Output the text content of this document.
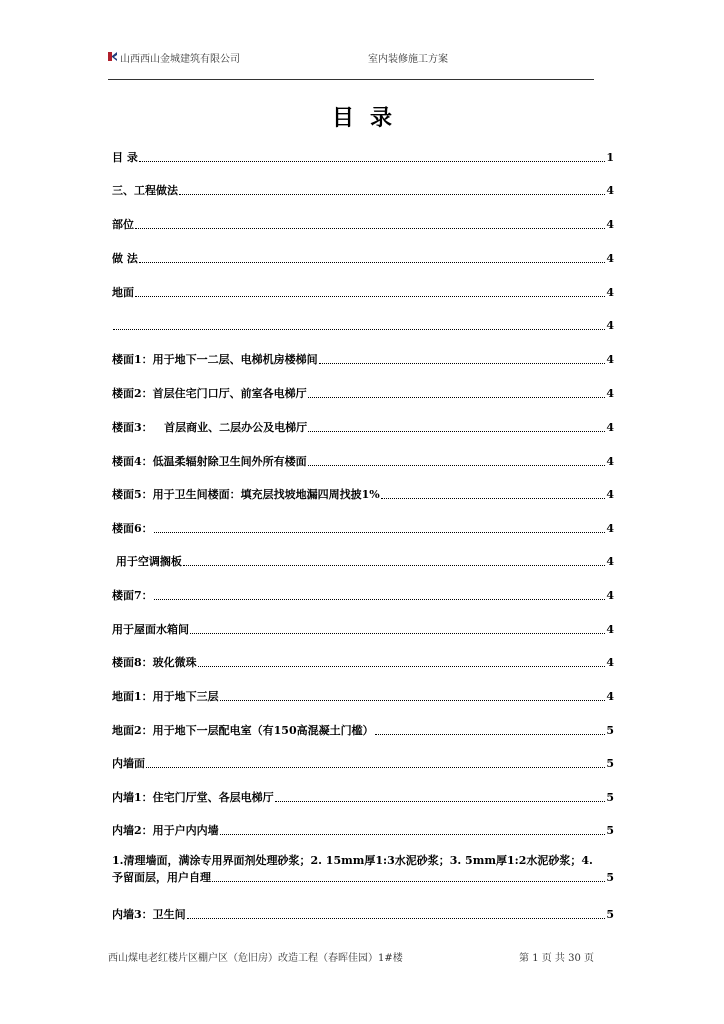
山西西山金城建筑有限公司	室内装修施工方案
目录
目 录	1
三、工程做法	4
部位	4
做 法	4
地面	4
4
楼面1：用于地下一二层、电梯机房楼梯间	4
楼面2：首层住宅门口厅、前室各电梯厅	4
楼面3：   首层商业、二层办公及电梯厅	4
楼面4：低温柔辐射除卫生间外所有楼面	4
楼面5：用于卫生间楼面：填充层找坡地漏四周找披1%	4
楼面6：	4
用于空调搁板	4
楼面7：	4
用于屋面水箱间	4
楼面8：玻化微珠	4
地面1：用于地下三层	4
地面2：用于地下一层配电室（有150高混凝土门槛）	5
内墙面	5
内墙1：住宅门厅堂、各层电梯厅	5
内墙2：用于户内内墙	5
1.清理墙面，满涂专用界面剂处理砂浆；2. 15mm厚1:3水泥砂浆；3. 5mm厚1:2水泥砂浆；4.
予留面层，用户自理	5
内墙3：卫生间	5
西山煤电老红楼片区棚户区（危旧房）改造工程（春晖佳园）1#楼	第 1 页 共 30 页
